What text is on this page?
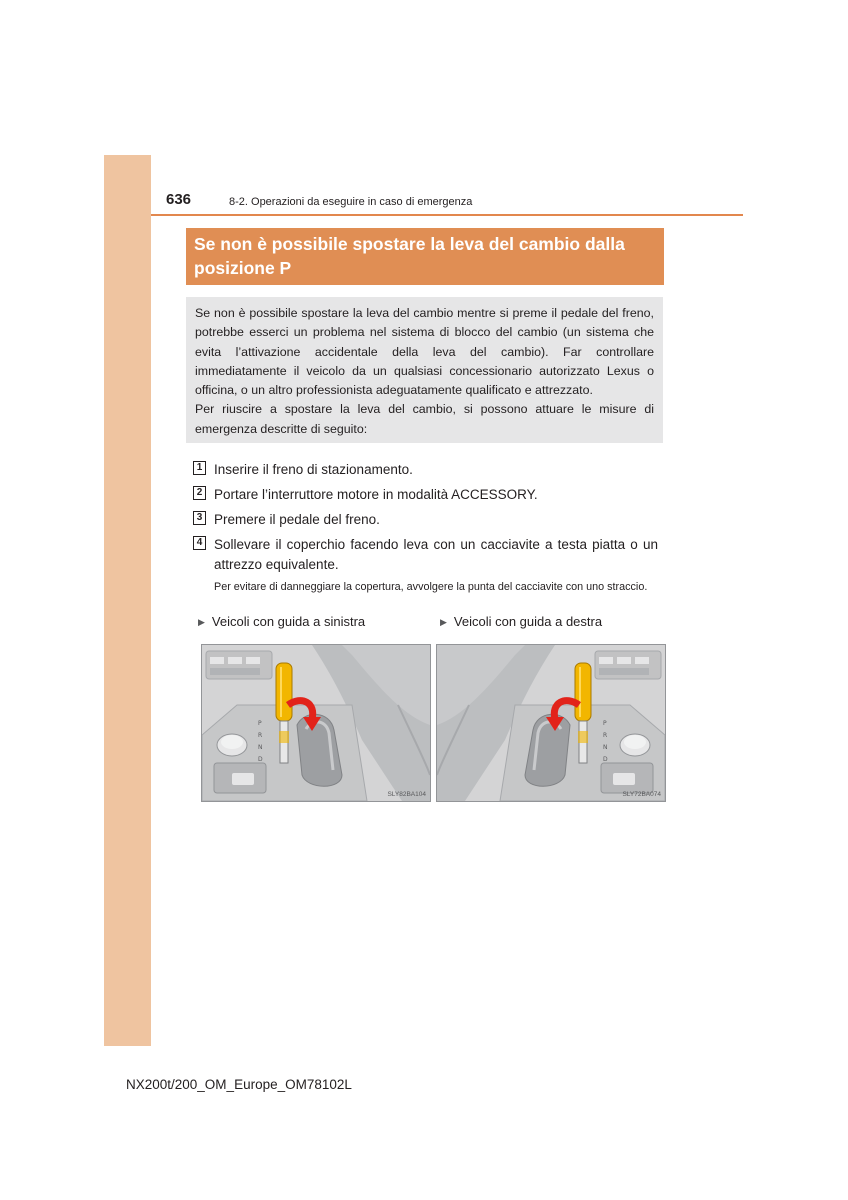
636	8-2. Operazioni da eseguire in caso di emergenza
Se non è possibile spostare la leva del cambio dalla posizione P

Se non è possibile spostare la leva del cambio mentre si preme il pedale del freno, potrebbe esserci un problema nel sistema di blocco del cambio (un sistema che evita l’attivazione accidentale della leva del cambio). Far controllare immediatamente il veicolo da un qualsiasi concessionario autorizzato Lexus o officina, o un altro professionista adeguatamente qualificato e attrezzato.

Per riuscire a spostare la leva del cambio, si possono attuare le misure di emergenza descritte di seguito:

1 Inserire il freno di stazionamento.
2 Portare l’interruttore motore in modalità ACCESSORY.
3 Premere il pedale del freno.
4 Sollevare il coperchio facendo leva con un cacciavite a testa piatta o un attrezzo equivalente.
Per evitare di danneggiare la copertura, avvolgere la punta del cacciavite con uno straccio.
▶ Veicoli con guida a sinistra	▶ Veicoli con guida a destra
P
R
N
D
SLY82BA104
P
R
N
D
SLY72BA074
NX200t/200_OM_Europe_OM78102L
